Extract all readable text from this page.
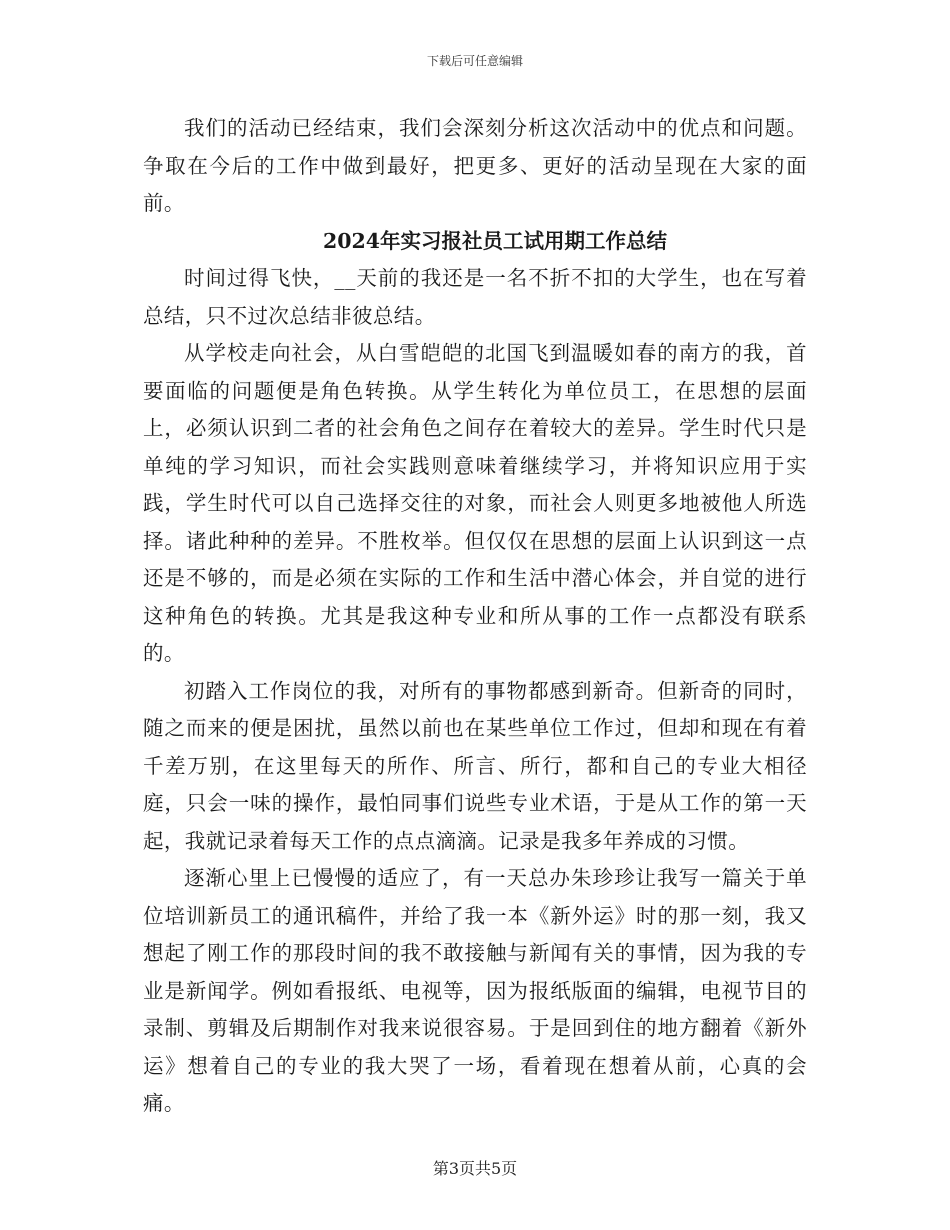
下载后可任意编辑

我们的活动已经结束，我们会深刻分析这次活动中的优点和问题。争取在今后的工作中做到最好，把更多、更好的活动呈现在大家的面前。

2024年实习报社员工试用期工作总结

时间过得飞快，__天前的我还是一名不折不扣的大学生，也在写着总结，只不过次总结非彼总结。

从学校走向社会，从白雪皑皑的北国飞到温暖如春的南方的我，首要面临的问题便是角色转换。从学生转化为单位员工，在思想的层面上，必须认识到二者的社会角色之间存在着较大的差异。学生时代只是单纯的学习知识，而社会实践则意味着继续学习，并将知识应用于实践，学生时代可以自己选择交往的对象，而社会人则更多地被他人所选择。诸此种种的差异。不胜枚举。但仅仅在思想的层面上认识到这一点还是不够的，而是必须在实际的工作和生活中潜心体会，并自觉的进行这种角色的转换。尤其是我这种专业和所从事的工作一点都没有联系的。

初踏入工作岗位的我，对所有的事物都感到新奇。但新奇的同时，随之而来的便是困扰，虽然以前也在某些单位工作过，但却和现在有着千差万别，在这里每天的所作、所言、所行，都和自己的专业大相径庭，只会一味的操作，最怕同事们说些专业术语，于是从工作的第一天起，我就记录着每天工作的点点滴滴。记录是我多年养成的习惯。

逐渐心里上已慢慢的适应了，有一天总办朱珍珍让我写一篇关于单位培训新员工的通讯稿件，并给了我一本《新外运》时的那一刻，我又想起了刚工作的那段时间的我不敢接触与新闻有关的事情，因为我的专业是新闻学。例如看报纸、电视等，因为报纸版面的编辑，电视节目的录制、剪辑及后期制作对我来说很容易。于是回到住的地方翻着《新外运》想着自己的专业的我大哭了一场，看着现在想着从前，心真的会痛。

第3页共5页
